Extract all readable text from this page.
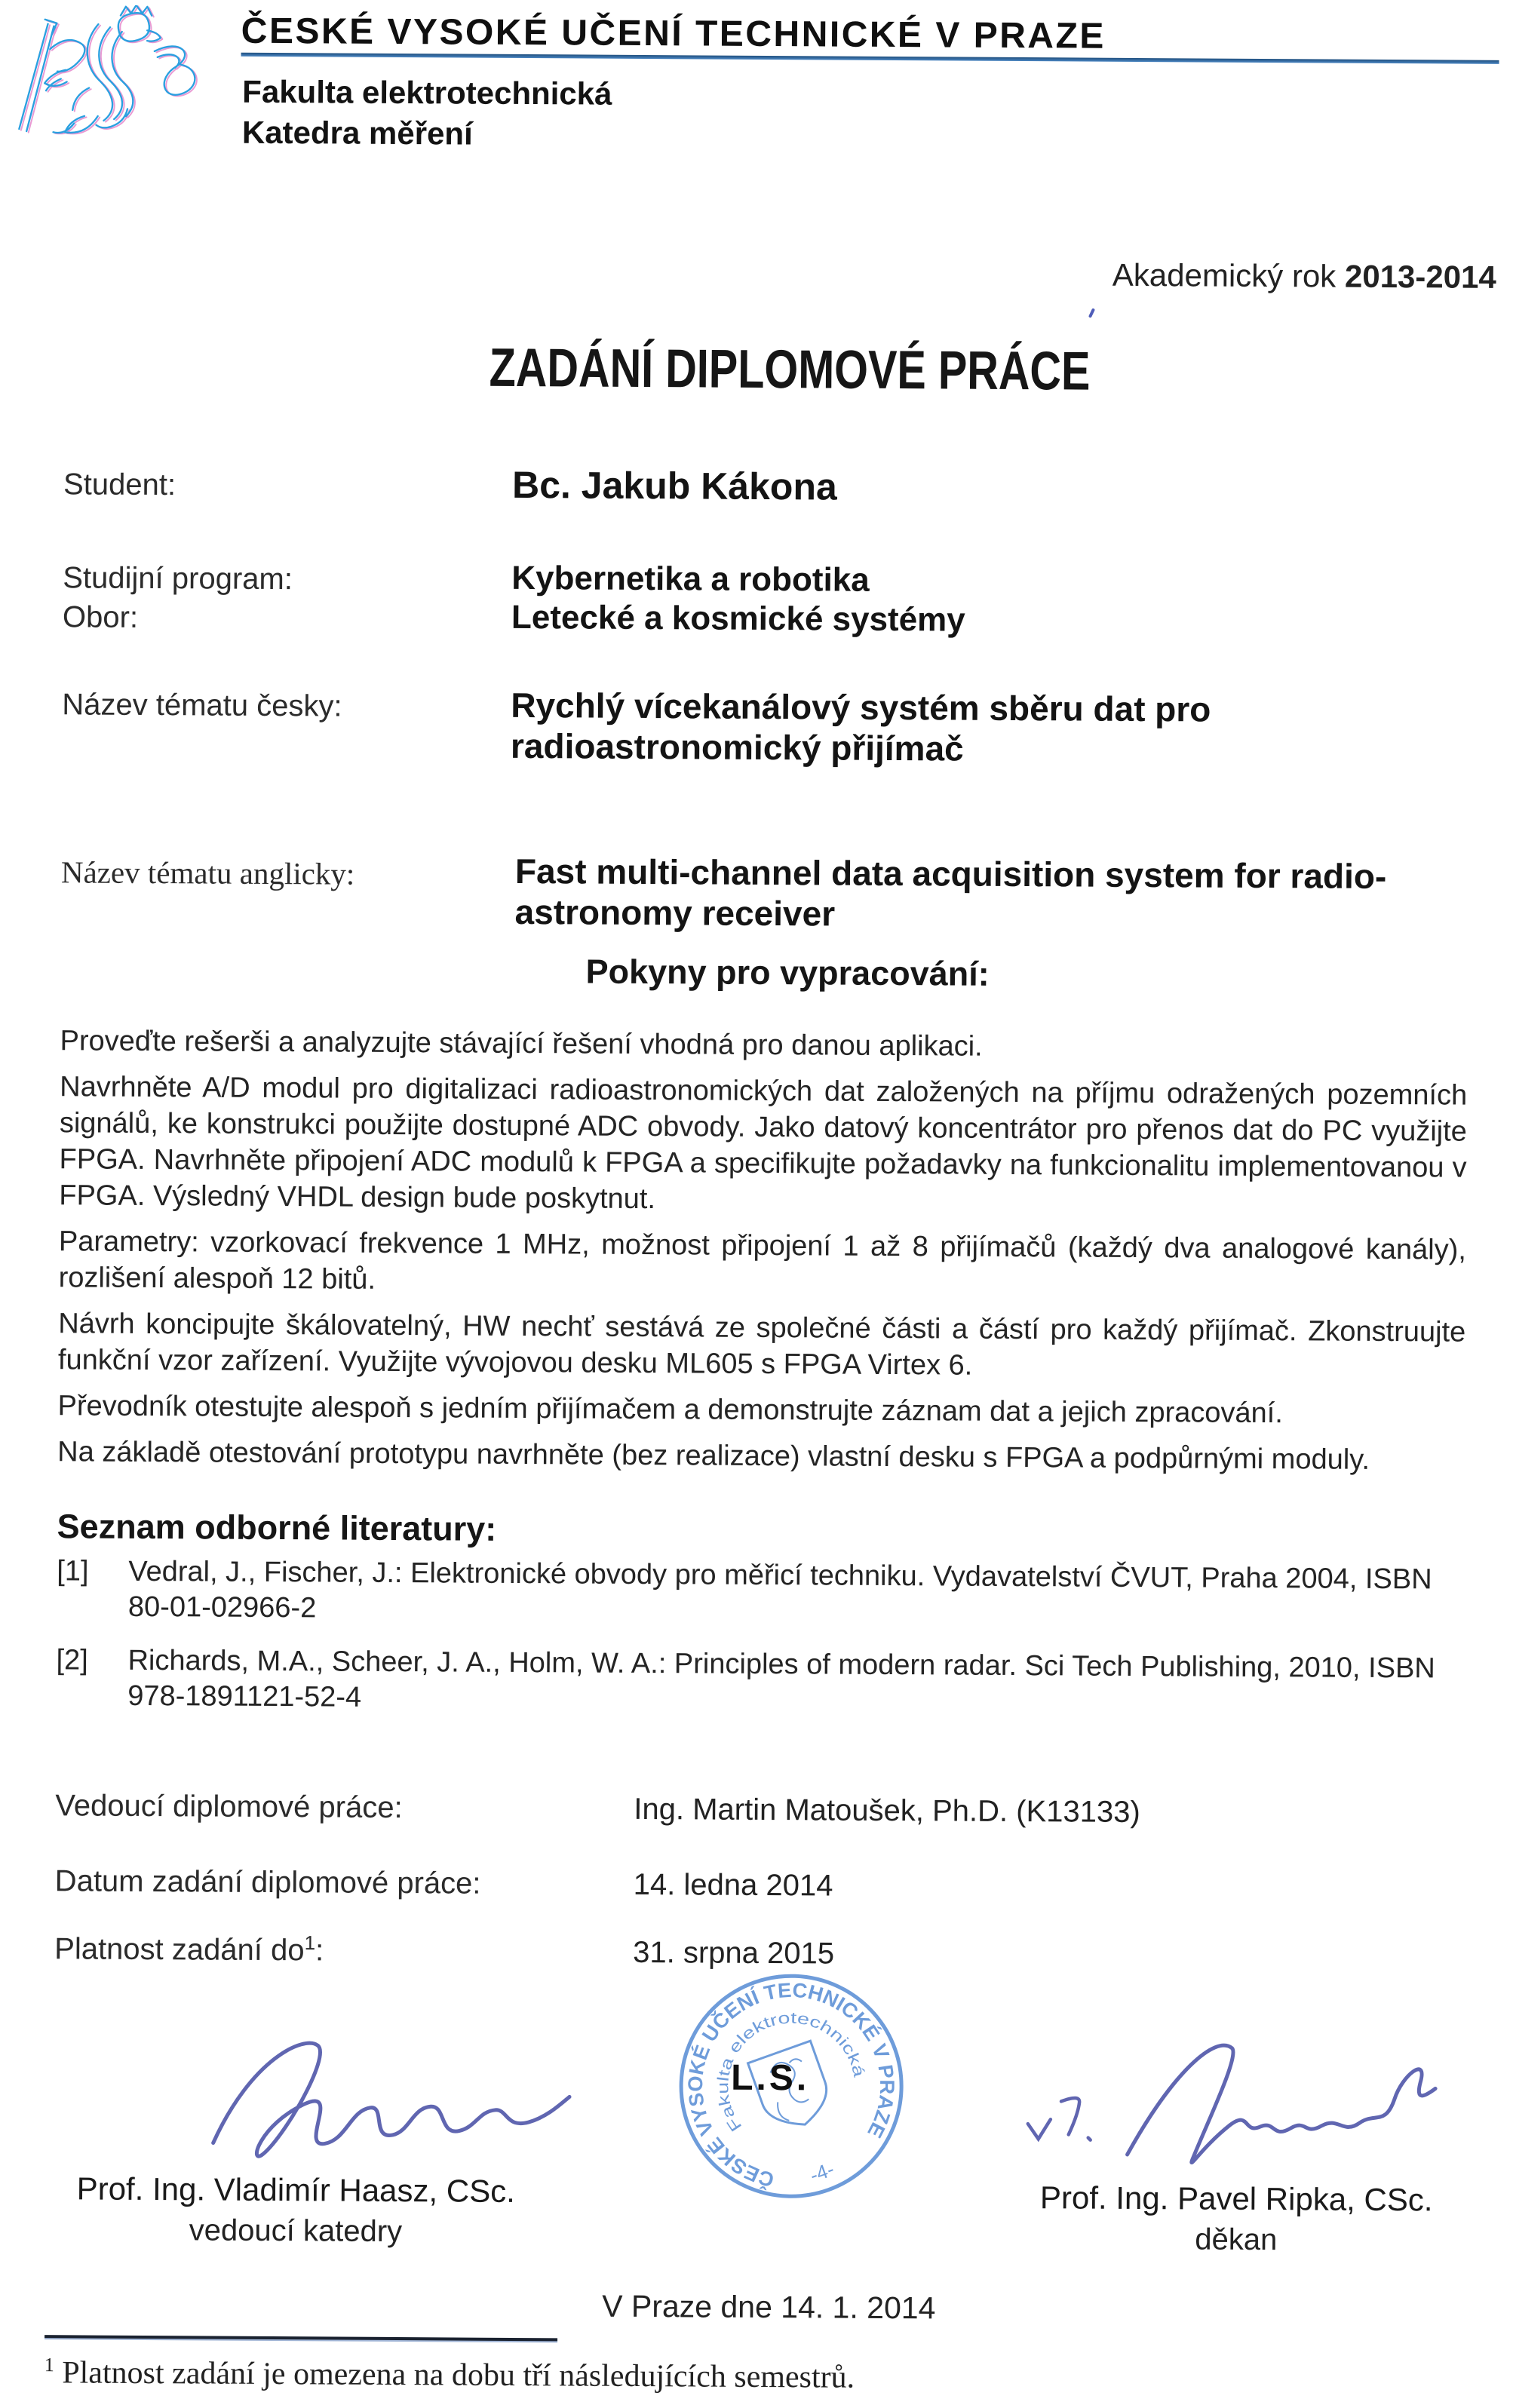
ČESKÉ VYSOKÉ UČENÍ TECHNICKÉ V PRAZE
Fakulta elektrotechnická
Katedra měření
Akademický rok 2013-2014
ZADÁNÍ DIPLOMOVÉ PRÁCE
Student:	Bc. Jakub Kákona
Studijní program:	Kybernetika a robotika
Obor:	Letecké a kosmické systémy
Název tématu česky:	Rychlý vícekanálový systém sběru dat pro radioastronomický přijímač
Název tématu anglicky:	Fast multi-channel data acquisition system for radio-astronomy receiver
Pokyny pro vypracování:

Proveďte rešerši a analyzujte stávající řešení vhodná pro danou aplikaci.

Navrhněte A/D modul pro digitalizaci radioastronomických dat založených na příjmu odražených pozemních signálů, ke konstrukci použijte dostupné ADC obvody. Jako datový koncentrátor pro přenos dat do PC využijte FPGA. Navrhněte připojení ADC modulů k FPGA a specifikujte požadavky na funkcionalitu implementovanou v FPGA. Výsledný VHDL design bude poskytnut.

Parametry: vzorkovací frekvence 1 MHz, možnost připojení 1 až 8 přijímačů (každý dva analogové kanály), rozlišení alespoň 12 bitů.

Návrh koncipujte škálovatelný, HW nechť sestává ze společné části a částí pro každý přijímač. Zkonstruujte funkční vzor zařízení. Využijte vývojovou desku ML605 s FPGA Virtex 6.

Převodník otestujte alespoň s jedním přijímačem a demonstrujte záznam dat a jejich zpracování.

Na základě otestování prototypu navrhněte (bez realizace) vlastní desku s FPGA a podpůrnými moduly.

Seznam odborné literatury:
[1] Vedral, J., Fischer, J.: Elektronické obvody pro měřicí techniku. Vydavatelství ČVUT, Praha 2004, ISBN 80-01-02966-2
[2] Richards, M.A., Scheer, J. A., Holm, W. A.: Principles of modern radar. Sci Tech Publishing, 2010, ISBN 978-1891121-52-4
Vedoucí diplomové práce:	Ing. Martin Matoušek, Ph.D. (K13133)
Datum zadání diplomové práce:	14. ledna 2014
Platnost zadání $do^1$:	31. srpna 2015
ČESKÉ VYSOKÉ UČENÍ TECHNICKÉ V PRAZE
Fakulta elektrotechnická
-4-
L.S.
Prof. Ing. Vladimír Haasz, CSc.
vedoucí katedry
Prof. Ing. Pavel Ripka, CSc.
děkan
V Praze dne 14. 1. 2014
$^1$ Platnost zadání je omezena na dobu tří následujících semestrů.
